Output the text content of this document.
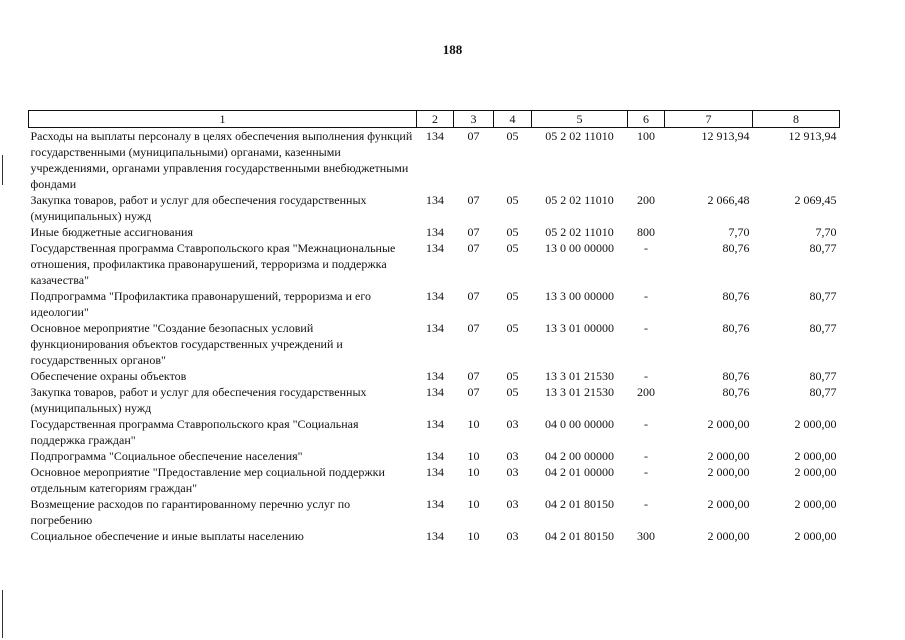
188
1	2	3	4	5	6	7	8
Расходы на выплаты персоналу в целях обеспечения выполнения функций государственными (муниципальными) органами, казенными учреждениями, органами управления государственными внебюджетными фондами	134	07	05	05 2 02 11010	100	12 913,94	12 913,94
Закупка товаров, работ и услуг для обеспечения государственных (муниципальных) нужд	134	07	05	05 2 02 11010	200	2 066,48	2 069,45
Иные бюджетные ассигнования	134	07	05	05 2 02 11010	800	7,70	7,70
Государственная программа Ставропольского края "Межнациональные отношения, профилактика правонарушений, терроризма и поддержка казачества"	134	07	05	13 0 00 00000	-	80,76	80,77
Подпрограмма "Профилактика правонарушений, терроризма и его идеологии"	134	07	05	13 3 00 00000	-	80,76	80,77
Основное мероприятие "Создание безопасных условий функционирования объектов государственных учреждений и государственных органов"	134	07	05	13 3 01 00000	-	80,76	80,77
Обеспечение охраны объектов	134	07	05	13 3 01 21530	-	80,76	80,77
Закупка товаров, работ и услуг для обеспечения государственных (муниципальных) нужд	134	07	05	13 3 01 21530	200	80,76	80,77
Государственная программа Ставропольского края "Социальная поддержка граждан"	134	10	03	04 0 00 00000	-	2 000,00	2 000,00
Подпрограмма "Социальное обеспечение населения"	134	10	03	04 2 00 00000	-	2 000,00	2 000,00
Основное мероприятие "Предоставление мер социальной поддержки отдельным категориям граждан"	134	10	03	04 2 01 00000	-	2 000,00	2 000,00
Возмещение расходов по гарантированному перечню услуг по погребению	134	10	03	04 2 01 80150	-	2 000,00	2 000,00
Социальное обеспечение и иные выплаты населению	134	10	03	04 2 01 80150	300	2 000,00	2 000,00
